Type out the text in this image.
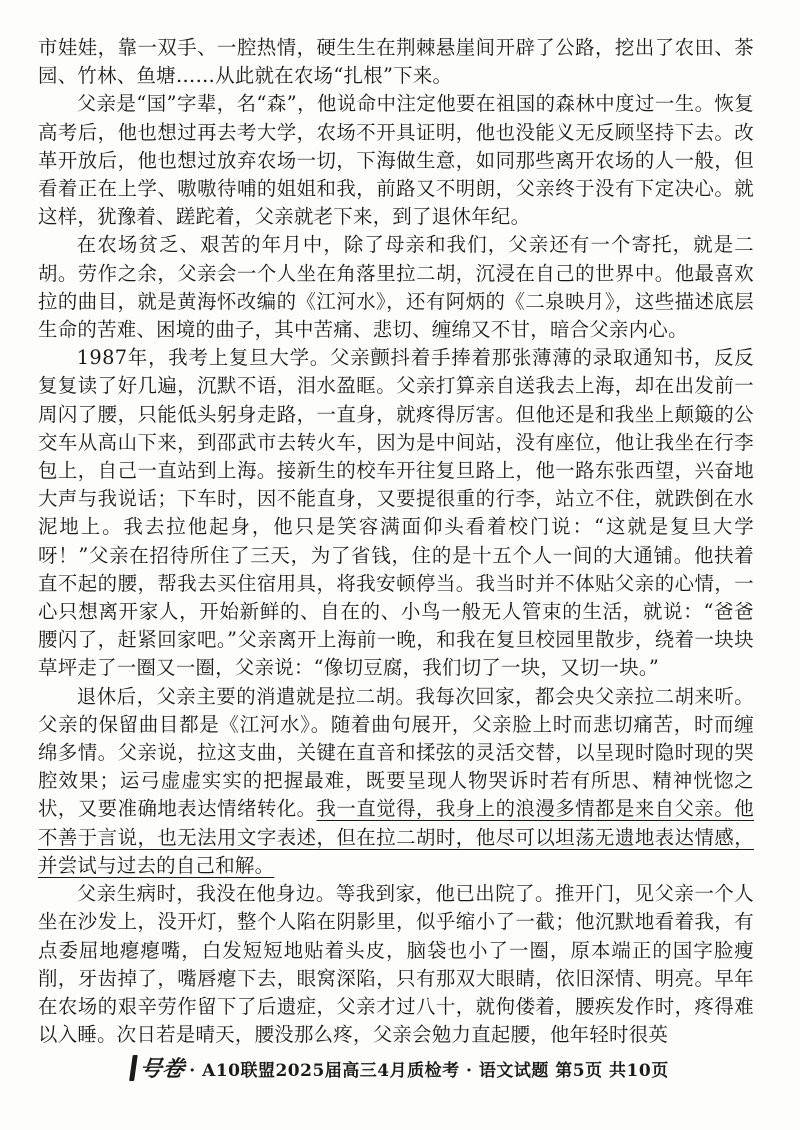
市娃娃，靠一双手、一腔热情，硬生生在荆棘悬崖间开辟了公路，挖出了农田、茶园、竹林、鱼塘……从此就在农场“扎根”下来。

父亲是“国”字辈，名“森”，他说命中注定他要在祖国的森林中度过一生。恢复高考后，他也想过再去考大学，农场不开具证明，他也没能义无反顾坚持下去。改革开放后，他也想过放弃农场一切，下海做生意，如同那些离开农场的人一般，但看着正在上学、嗷嗷待哺的姐姐和我，前路又不明朗，父亲终于没有下定决心。就这样，犹豫着、蹉跎着，父亲就老下来，到了退休年纪。

在农场贫乏、艰苦的年月中，除了母亲和我们，父亲还有一个寄托，就是二胡。劳作之余，父亲会一个人坐在角落里拉二胡，沉浸在自己的世界中。他最喜欢拉的曲目，就是黄海怀改编的《江河水》，还有阿炳的《二泉映月》，这些描述底层生命的苦难、困境的曲子，其中苦痛、悲切、缠绵又不甘，暗合父亲内心。

1987年，我考上复旦大学。父亲颤抖着手捧着那张薄薄的录取通知书，反反复复读了好几遍，沉默不语，泪水盈眶。父亲打算亲自送我去上海，却在出发前一周闪了腰，只能低头躬身走路，一直身，就疼得厉害。但他还是和我坐上颠簸的公交车从高山下来，到邵武市去转火车，因为是中间站，没有座位，他让我坐在行李包上，自己一直站到上海。接新生的校车开往复旦路上，他一路东张西望，兴奋地大声与我说话；下车时，因不能直身，又要提很重的行李，站立不住，就跌倒在水泥地上。我去拉他起身，他只是笑容满面仰头看着校门说：“这就是复旦大学呀！”父亲在招待所住了三天，为了省钱，住的是十五个人一间的大通铺。他扶着直不起的腰，帮我去买住宿用具，将我安顿停当。我当时并不体贴父亲的心情，一心只想离开家人，开始新鲜的、自在的、小鸟一般无人管束的生活，就说：“爸爸腰闪了，赶紧回家吧。”父亲离开上海前一晚，和我在复旦校园里散步，绕着一块块草坪走了一圈又一圈，父亲说：“像切豆腐，我们切了一块，又切一块。”

退休后，父亲主要的消遣就是拉二胡。我每次回家，都会央父亲拉二胡来听。父亲的保留曲目都是《江河水》。随着曲句展开，父亲脸上时而悲切痛苦，时而缠绵多情。父亲说，拉这支曲，关键在直音和揉弦的灵活交替，以呈现时隐时现的哭腔效果；运弓虚虚实实的把握最难，既要呈现人物哭诉时若有所思、精神恍惚之状，又要准确地表达情绪转化。我一直觉得，我身上的浪漫多情都是来自父亲。他不善于言说，也无法用文字表述，但在拉二胡时，他尽可以坦荡无遗地表达情感，并尝试与过去的自己和解。

父亲生病时，我没在他身边。等我到家，他已出院了。推开门，见父亲一个人坐在沙发上，没开灯，整个人陷在阴影里，似乎缩小了一截；他沉默地看着我，有点委屈地瘪瘪嘴，白发短短地贴着头皮，脑袋也小了一圈，原本端正的国字脸瘦削，牙齿掉了，嘴唇瘪下去，眼窝深陷，只有那双大眼睛，依旧深情、明亮。早年在农场的艰辛劳作留下了后遗症，父亲才过八十，就佝偻着，腰疾发作时，疼得难以入睡。次日若是晴天，腰没那么疼，父亲会勉力直起腰，他年轻时很英

号卷 · A10联盟2025届高三4月质检考 · 语文试题 第5页 共10页
